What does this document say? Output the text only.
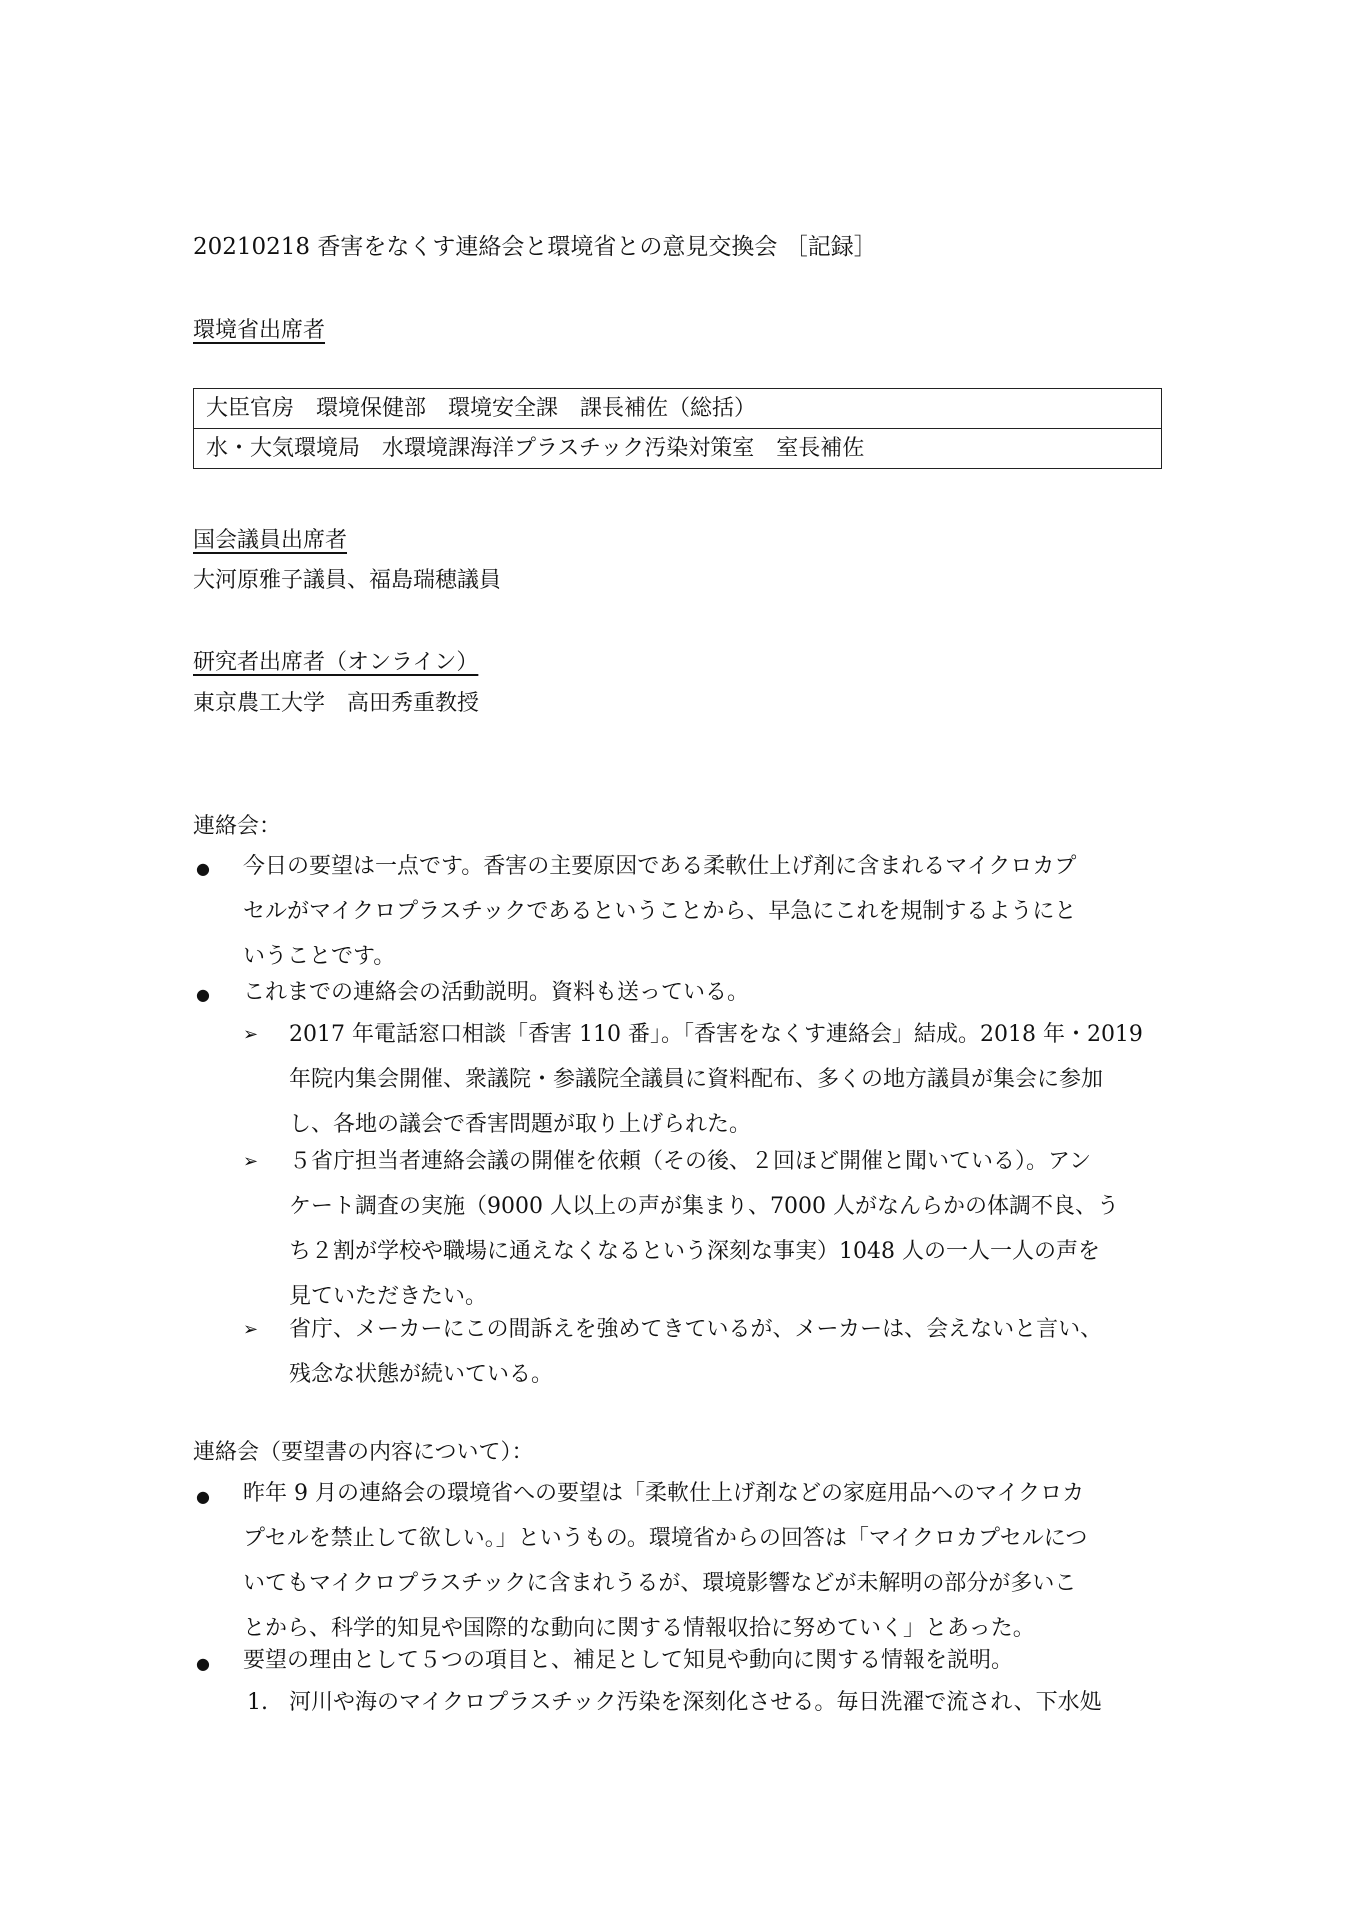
20210218 香害をなくす連絡会と環境省との意見交換会 ［記録］
環境省出席者
大臣官房　環境保健部　環境安全課　課長補佐（総括）
水・大気環境局　水環境課海洋プラスチック汚染対策室　室長補佐
国会議員出席者
大河原雅子議員、福島瑞穂議員
研究者出席者（オンライン）
東京農工大学　高田秀重教授
連絡会：
● 今日の要望は一点です。香害の主要原因である柔軟仕上げ剤に含まれるマイクロカプ
セルがマイクロプラスチックであるということから、早急にこれを規制するようにと
いうことです。
● これまでの連絡会の活動説明。資料も送っている。
➢ 2017 年電話窓口相談「香害 110 番」。「香害をなくす連絡会」結成。2018 年・2019
年院内集会開催、衆議院・参議院全議員に資料配布、多くの地方議員が集会に参加
し、各地の議会で香害問題が取り上げられた。
➢ ５省庁担当者連絡会議の開催を依頼（その後、２回ほど開催と聞いている）。アン
ケート調査の実施（9000 人以上の声が集まり、7000 人がなんらかの体調不良、う
ち２割が学校や職場に通えなくなるという深刻な事実）1048 人の一人一人の声を
見ていただきたい。
➢ 省庁、メーカーにこの間訴えを強めてきているが、メーカーは、会えないと言い、
残念な状態が続いている。
連絡会（要望書の内容について）：
● 昨年 9 月の連絡会の環境省への要望は「柔軟仕上げ剤などの家庭用品へのマイクロカ
プセルを禁止して欲しい。」というもの。環境省からの回答は「マイクロカプセルにつ
いてもマイクロプラスチックに含まれうるが、環境影響などが未解明の部分が多いこ
とから、科学的知見や国際的な動向に関する情報収拾に努めていく」とあった。
● 要望の理由として５つの項目と、補足として知見や動向に関する情報を説明。
1. 河川や海のマイクロプラスチック汚染を深刻化させる。毎日洗濯で流され、下水処
